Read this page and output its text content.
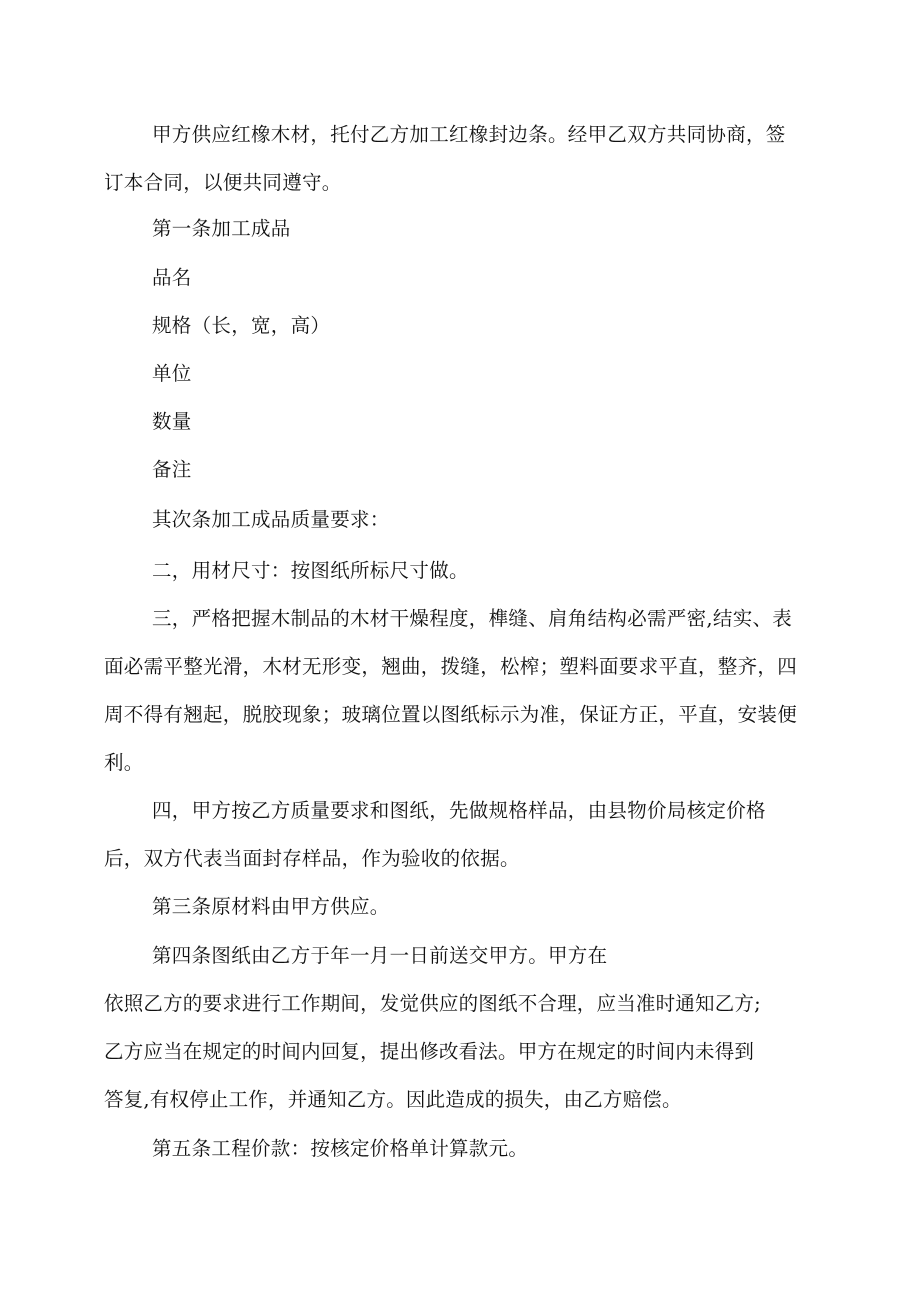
甲方供应红橡木材，托付乙方加工红橡封边条。经甲乙双方共同协商，签订本合同，以便共同遵守。

第一条加工成品

品名

规格（长，宽，高）

单位

数量

备注

其次条加工成品质量要求：

二，用材尺寸：按图纸所标尺寸做。

三，严格把握木制品的木材干燥程度，榫缝、肩角结构必需严密,结实、表面必需平整光滑，木材无形变，翘曲，拨缝，松榨；塑料面要求平直，整齐，四周不得有翘起，脱胶现象；玻璃位置以图纸标示为准，保证方正，平直，安装便利。

四，甲方按乙方质量要求和图纸，先做规格样品，由县物价局核定价格后，双方代表当面封存样品，作为验收的依据。

第三条原材料由甲方供应。

第四条图纸由乙方于年一月一日前送交甲方。甲方在

依照乙方的要求进行工作期间，发觉供应的图纸不合理，应当准时通知乙方;

乙方应当在规定的时间内回复，提出修改看法。甲方在规定的时间内未得到

答复,有权停止工作，并通知乙方。因此造成的损失，由乙方赔偿。

第五条工程价款：按核定价格单计算款元。
